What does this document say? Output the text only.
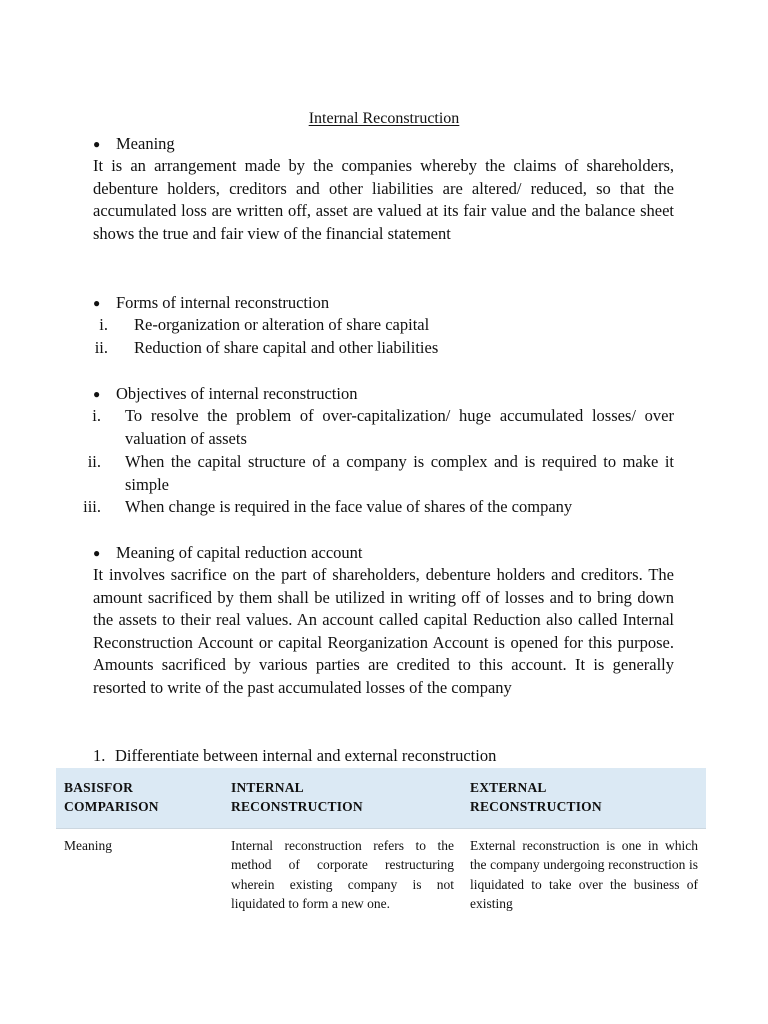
Internal Reconstruction
● Meaning

It is an arrangement made by the companies whereby the claims of shareholders, debenture holders, creditors and other liabilities are altered/ reduced, so that the accumulated loss are written off, asset are valued at its fair value and the balance sheet shows the true and fair view of the financial statement

● Forms of internal reconstruction
i. Re-organization or alteration of share capital
ii. Reduction of share capital and other liabilities
● Objectives of internal reconstruction
i. To resolve the problem of over-capitalization/ huge accumulated losses/ over valuation of assets
ii. When the capital structure of a company is complex and is required to make it simple
iii. When change is required in the face value of shares of the company
● Meaning of capital reduction account

It involves sacrifice on the part of shareholders, debenture holders and creditors. The amount sacrificed by them shall be utilized in writing off of losses and to bring down the assets to their real values. An account called capital Reduction also called Internal Reconstruction Account or capital Reorganization Account is opened for this purpose. Amounts sacrificed by various parties are credited to this account. It is generally resorted to write of the past accumulated losses of the company

1. Differentiate between internal and external reconstruction
BASISFOR COMPARISON	INTERNAL RECONSTRUCTION	EXTERNAL RECONSTRUCTION
Meaning	Internal reconstruction refers to the method of corporate restructuring wherein existing company is not liquidated to form a new one.	External reconstruction is one in which the company undergoing reconstruction is liquidated to take over the business of existing
